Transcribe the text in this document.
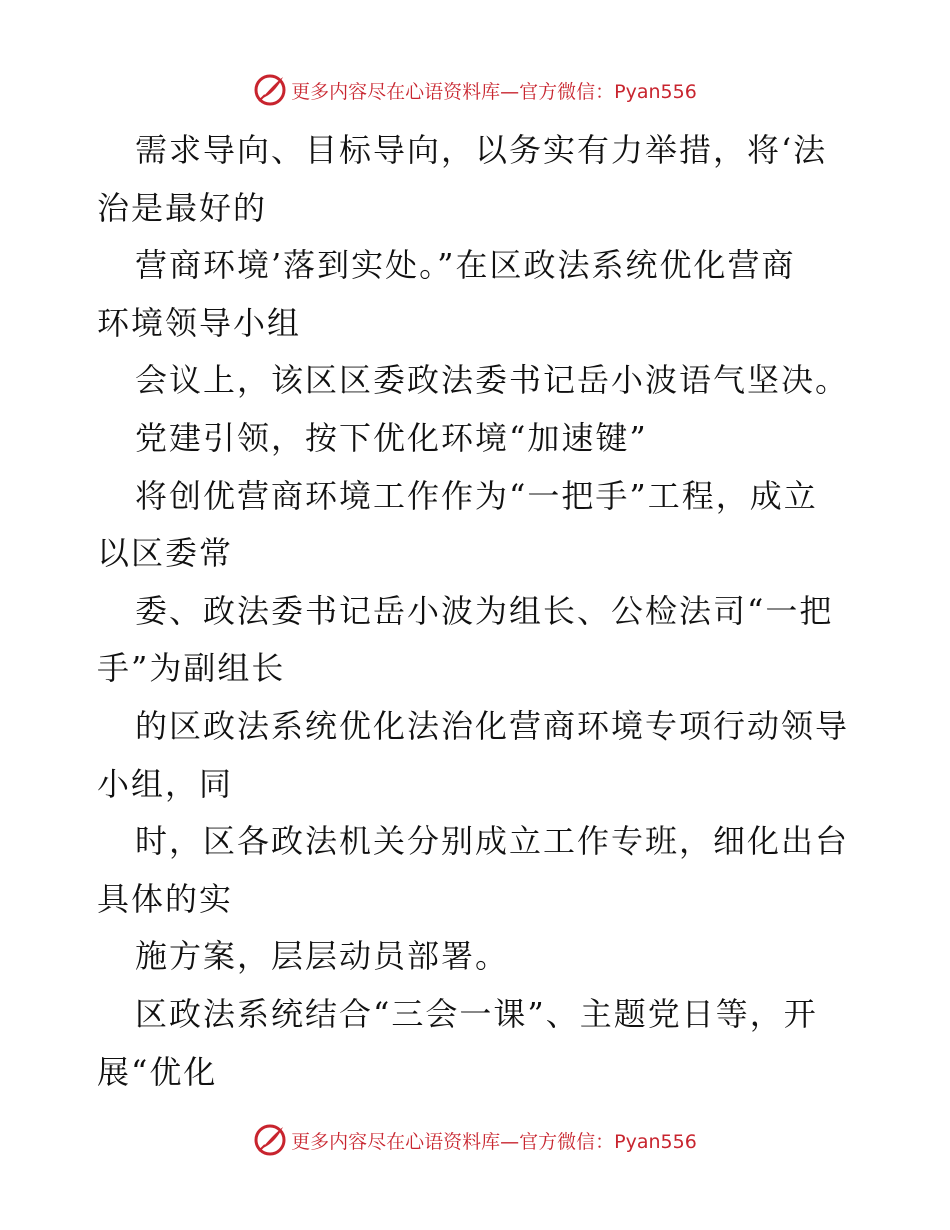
更多内容尽在心语资料库—官方微信：Pyan556
需求导向、目标导向，以务实有力举措，将‘法
治是最好的
营商环境’落到实处。”在区政法系统优化营商
环境领导小组
会议上，该区区委政法委书记岳小波语气坚决。
党建引领，按下优化环境“加速键”
将创优营商环境工作作为“一把手”工程，成立
以区委常
委、政法委书记岳小波为组长、公检法司“一把
手”为副组长
的区政法系统优化法治化营商环境专项行动领导
小组，同
时，区各政法机关分别成立工作专班，细化出台
具体的实
施方案，层层动员部署。
区政法系统结合“三会一课”、主题党日等，开
展“优化
更多内容尽在心语资料库—官方微信：Pyan556
